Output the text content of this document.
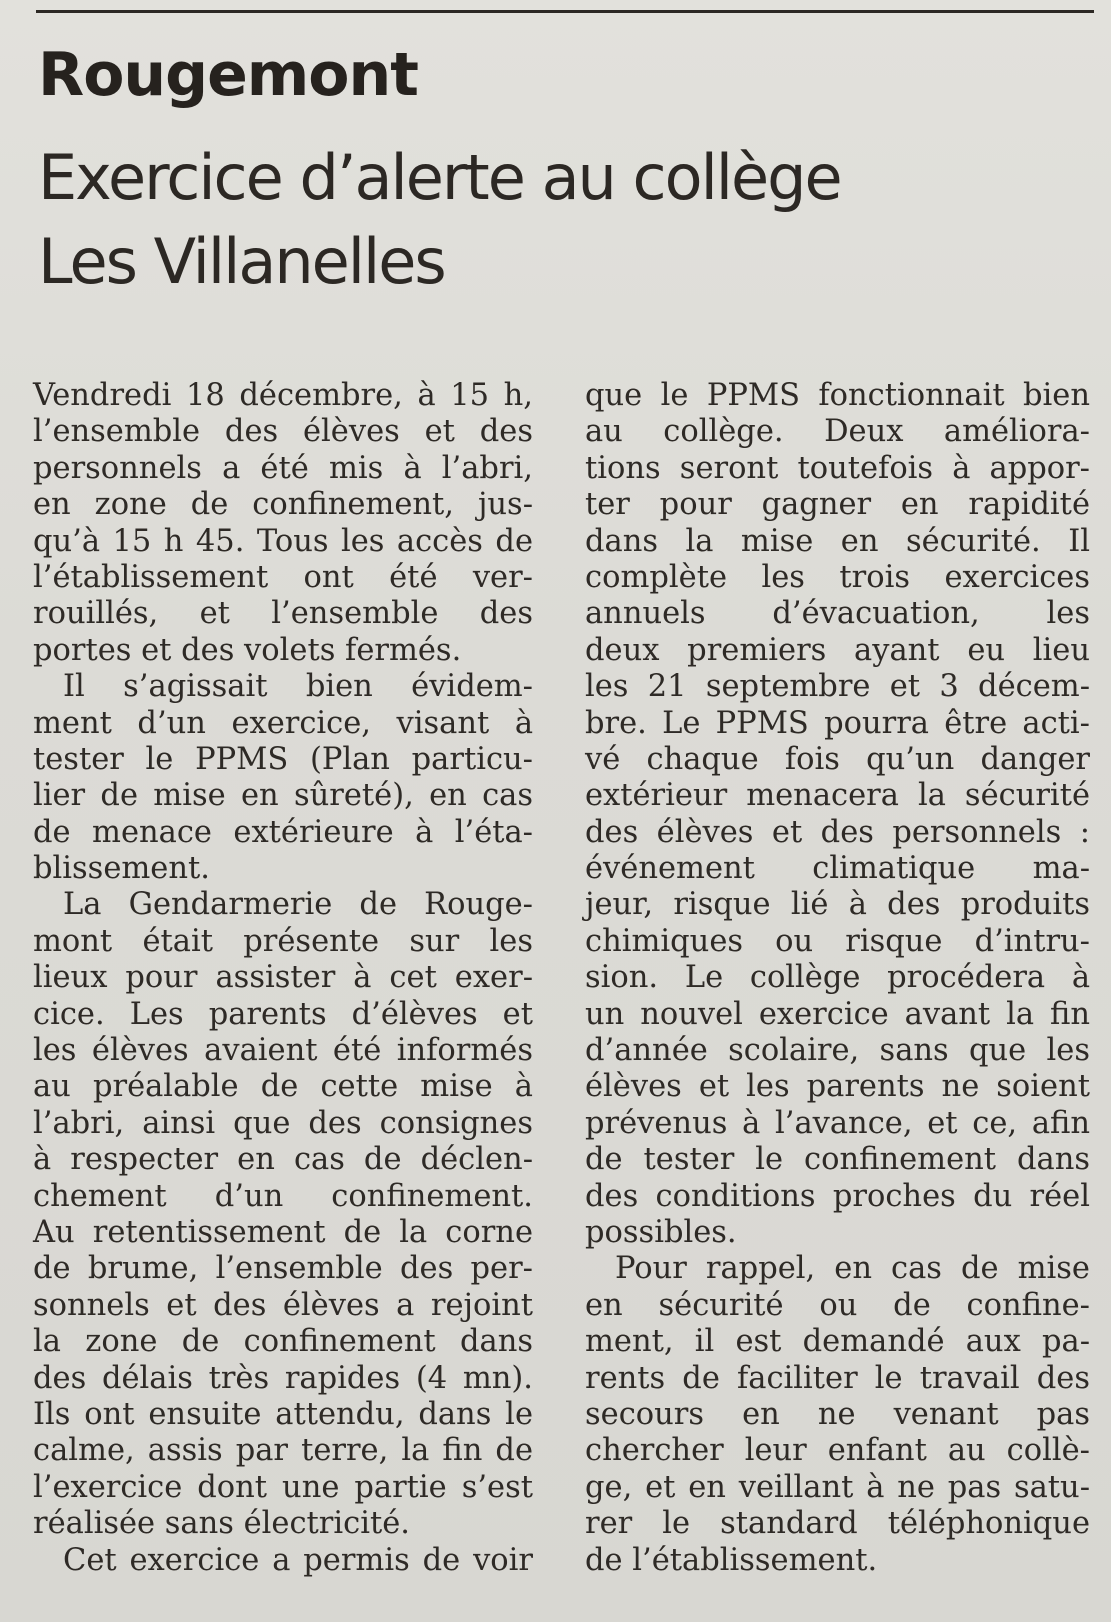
Rougemont
Exercice d’alerte au collège
Les Villanelles
Vendredi 18 décembre, à 15 h,
l’ensemble des élèves et des
personnels a été mis à l’abri,
en zone de confinement, jus-
qu’à 15 h 45. Tous les accès de
l’établissement ont été ver-
rouillés, et l’ensemble des
portes et des volets fermés.
Il s’agissait bien évidem-
ment d’un exercice, visant à
tester le PPMS (Plan particu-
lier de mise en sûreté), en cas
de menace extérieure à l’éta-
blissement.
La Gendarmerie de Rouge-
mont était présente sur les
lieux pour assister à cet exer-
cice. Les parents d’élèves et
les élèves avaient été informés
au préalable de cette mise à
l’abri, ainsi que des consignes
à respecter en cas de déclen-
chement d’un confinement.
Au retentissement de la corne
de brume, l’ensemble des per-
sonnels et des élèves a rejoint
la zone de confinement dans
des délais très rapides (4 mn).
Ils ont ensuite attendu, dans le
calme, assis par terre, la fin de
l’exercice dont une partie s’est
réalisée sans électricité.
Cet exercice a permis de voir
que le PPMS fonctionnait bien
au collège. Deux améliora-
tions seront toutefois à appor-
ter pour gagner en rapidité
dans la mise en sécurité. Il
complète les trois exercices
annuels d’évacuation, les
deux premiers ayant eu lieu
les 21 septembre et 3 décem-
bre. Le PPMS pourra être acti-
vé chaque fois qu’un danger
extérieur menacera la sécurité
des élèves et des personnels :
événement climatique ma-
jeur, risque lié à des produits
chimiques ou risque d’intru-
sion. Le collège procédera à
un nouvel exercice avant la fin
d’année scolaire, sans que les
élèves et les parents ne soient
prévenus à l’avance, et ce, afin
de tester le confinement dans
des conditions proches du réel
possibles.
Pour rappel, en cas de mise
en sécurité ou de confine-
ment, il est demandé aux pa-
rents de faciliter le travail des
secours en ne venant pas
chercher leur enfant au collè-
ge, et en veillant à ne pas satu-
rer le standard téléphonique
de l’établissement.
